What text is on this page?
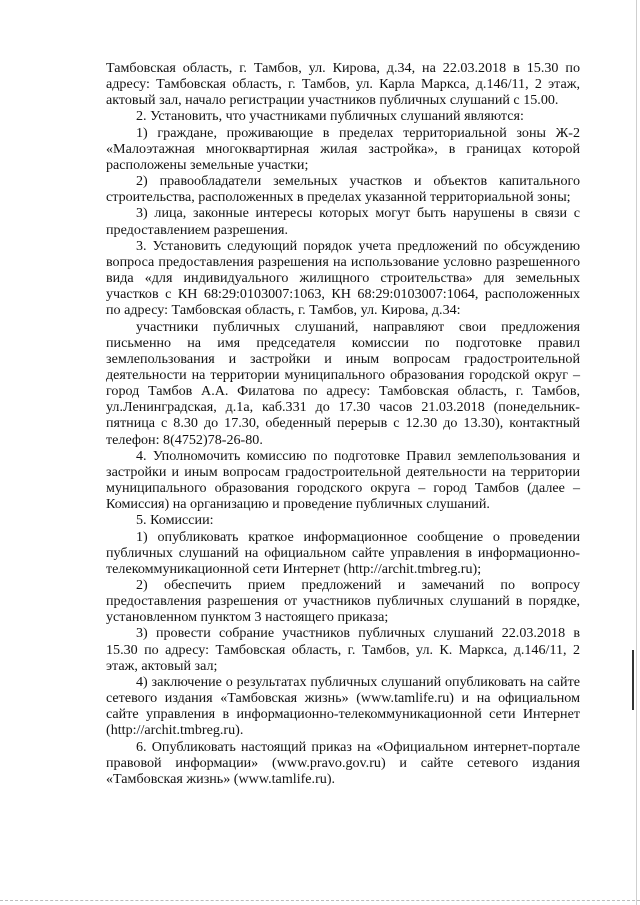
Тамбовская область, г. Тамбов, ул. Кирова, д.34, на 22.03.2018 в 15.30 по адресу: Тамбовская область, г. Тамбов, ул. Карла Маркса, д.146/11, 2 этаж, актовый зал, начало регистрации участников публичных слушаний с 15.00.

2. Установить, что участниками публичных слушаний являются:

1) граждане, проживающие в пределах территориальной зоны Ж-2 «Малоэтажная многоквартирная жилая застройка», в границах которой расположены земельные участки;

2) правообладатели земельных участков и объектов капитального строительства, расположенных в пределах указанной территориальной зоны;

3) лица, законные интересы которых могут быть нарушены в связи с предоставлением разрешения.

3. Установить следующий порядок учета предложений по обсуждению вопроса предоставления разрешения на использование условно разрешенного вида «для индивидуального жилищного строительства» для земельных участков с КН 68:29:0103007:1063, КН 68:29:0103007:1064, расположенных по адресу: Тамбовская область, г. Тамбов, ул. Кирова, д.34:

участники публичных слушаний, направляют свои предложения письменно на имя председателя комиссии по подготовке правил землепользования и застройки и иным вопросам градостроительной деятельности на территории муниципального образования городской округ – город Тамбов А.А. Филатова по адресу: Тамбовская область, г. Тамбов, ул.Ленинградская, д.1а, каб.331 до 17.30 часов 21.03.2018 (понедельник-пятница с 8.30 до 17.30, обеденный перерыв с 12.30 до 13.30), контактный телефон: 8(4752)78-26-80.

4. Уполномочить комиссию по подготовке Правил землепользования и застройки и иным вопросам градостроительной деятельности на территории муниципального образования городского округа – город Тамбов (далее – Комиссия) на организацию и проведение публичных слушаний.

5. Комиссии:

1) опубликовать краткое информационное сообщение о проведении публичных слушаний на официальном сайте управления в информационно-телекоммуникационной сети Интернет (http://archit.tmbreg.ru);

2) обеспечить прием предложений и замечаний по вопросу предоставления разрешения от участников публичных слушаний в порядке, установленном пунктом 3 настоящего приказа;

3) провести собрание участников публичных слушаний 22.03.2018 в 15.30 по адресу: Тамбовская область, г. Тамбов, ул. К. Маркса, д.146/11, 2 этаж, актовый зал;

4) заключение о результатах публичных слушаний опубликовать на сайте сетевого издания «Тамбовская жизнь» (www.tamlife.ru) и на официальном сайте управления в информационно-телекоммуникационной сети Интернет (http://archit.tmbreg.ru).

6. Опубликовать настоящий приказ на «Официальном интернет-портале правовой информации» (www.pravo.gov.ru) и сайте сетевого издания «Тамбовская жизнь» (www.tamlife.ru).
